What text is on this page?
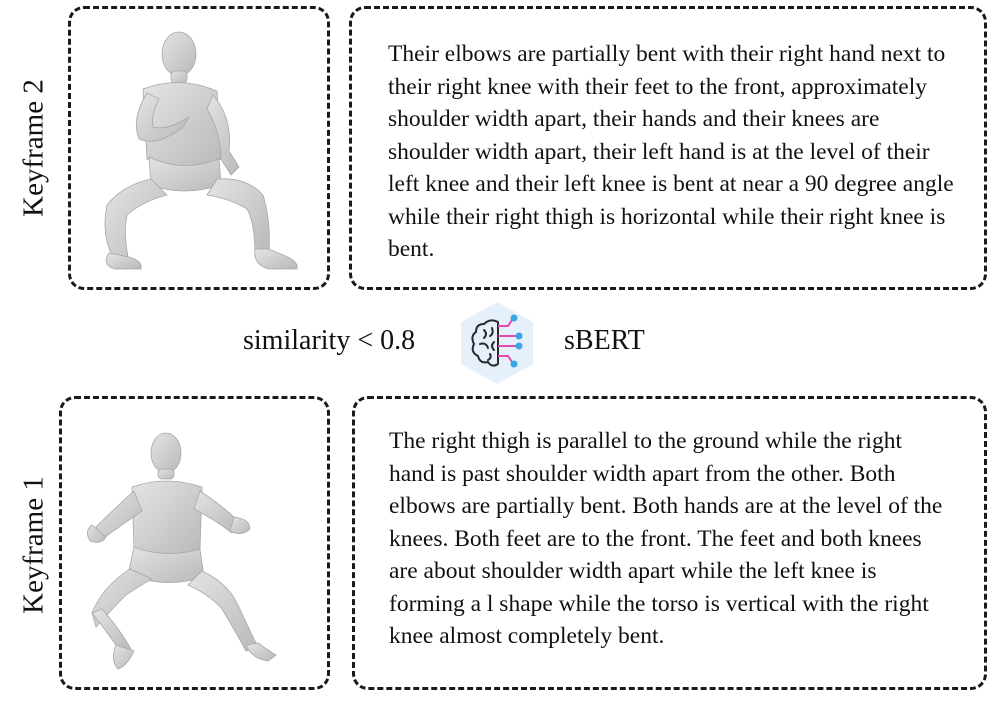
Keyframe 2
Their elbows are partially bent with their right hand next to their right knee with their feet to the front, approximately shoulder width apart, their hands and their knees are shoulder width apart, their left hand is at the level of their left knee and their left knee is bent at near a 90 degree angle while their right thigh is horizontal while their right knee is bent.
similarity < 0.8	sBERT
Keyframe 1
The right thigh is parallel to the ground while the right hand is past shoulder width apart from the other. Both elbows are partially bent. Both hands are at the level of the knees. Both feet are to the front. The feet and both knees are about shoulder width apart while the left knee is forming a l shape while the torso is vertical with the right knee almost completely bent.
